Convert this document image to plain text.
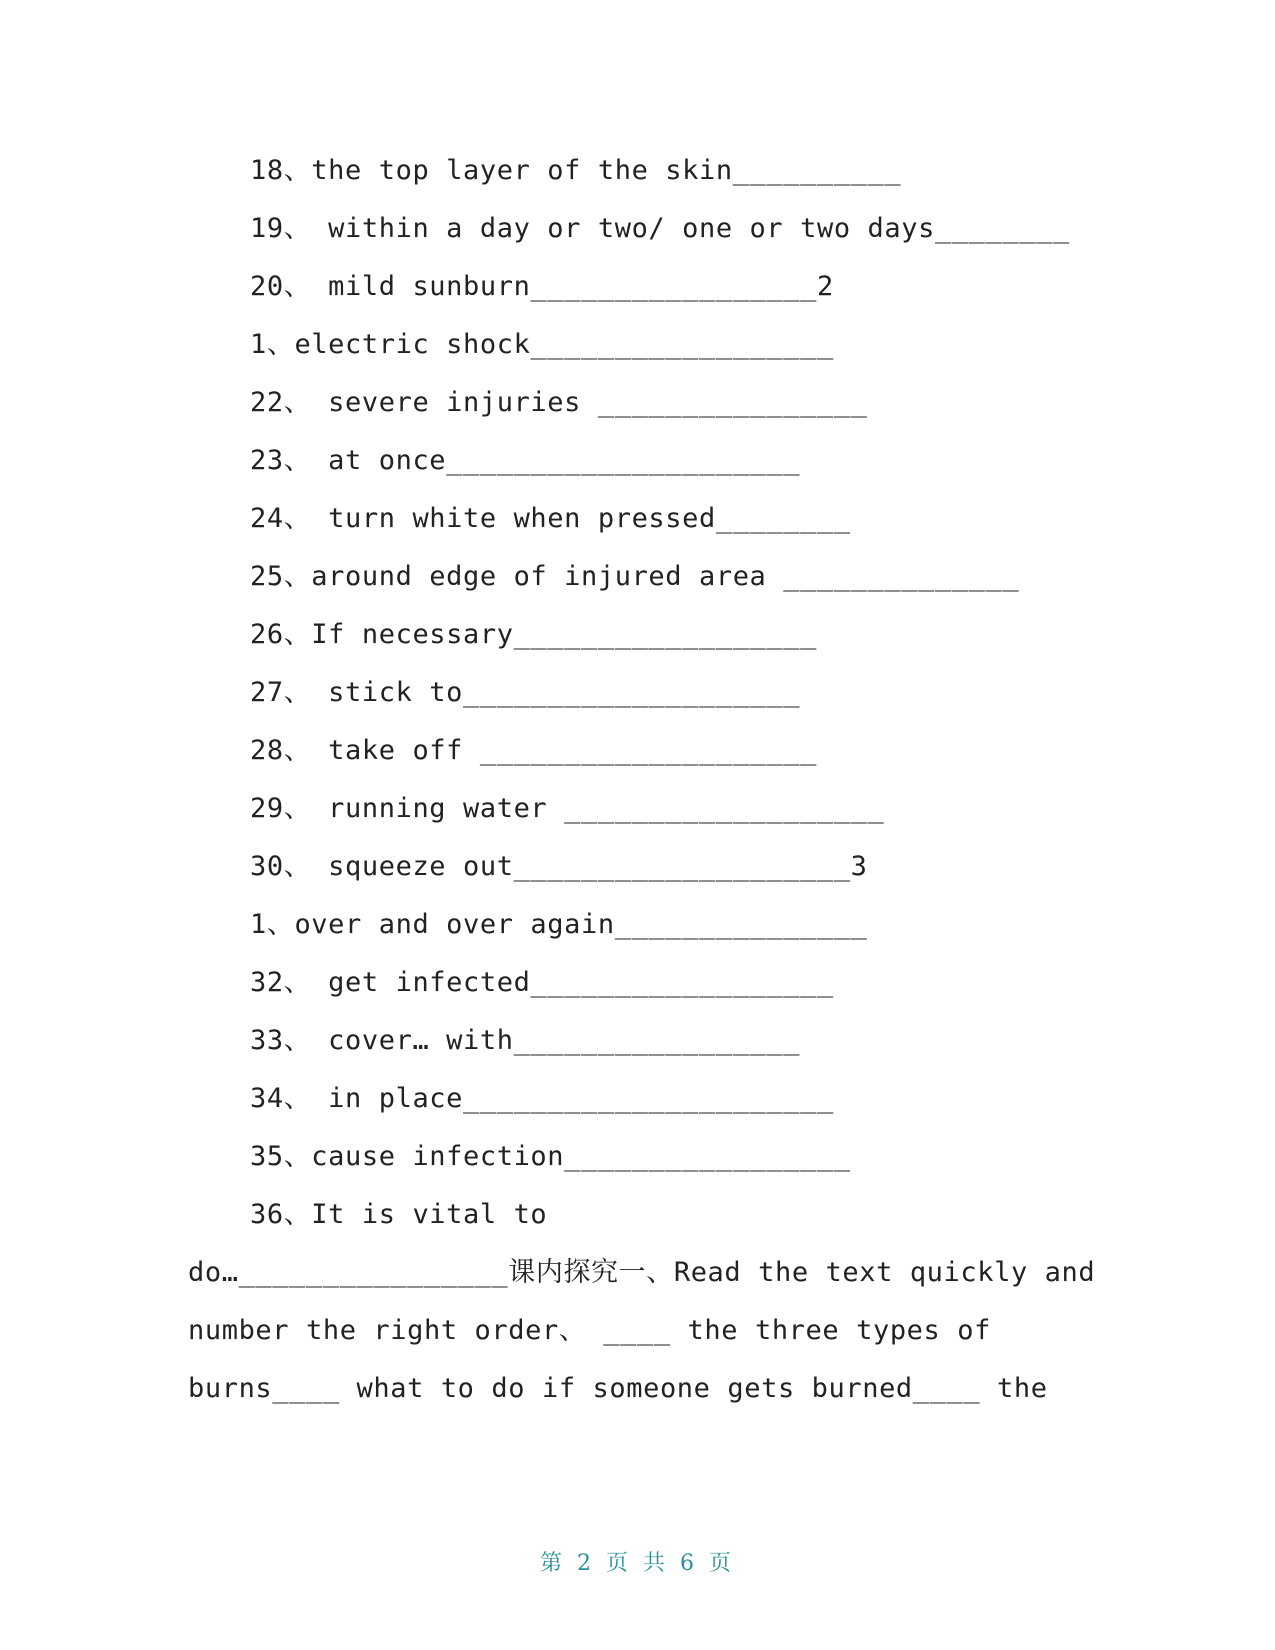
18、the top layer of the skin__________
19、 within a day or two/ one or two days________
20、 mild sunburn_________________2
1、electric shock__________________
22、 severe injuries ________________
23、 at once_____________________
24、 turn white when pressed________
25、around edge of injured area ______________
26、If necessary__________________
27、 stick to____________________
28、 take off ____________________
29、 running water ___________________
30、 squeeze out____________________3
1、over and over again_______________
32、 get infected__________________
33、 cover… with_________________
34、 in place______________________
35、cause infection_________________
36、It is vital to
do…________________课内探究一、Read the text quickly and
number the right order、 ____ the three types of
burns____ what to do if someone gets burned____ the
第 2 页 共 6 页
